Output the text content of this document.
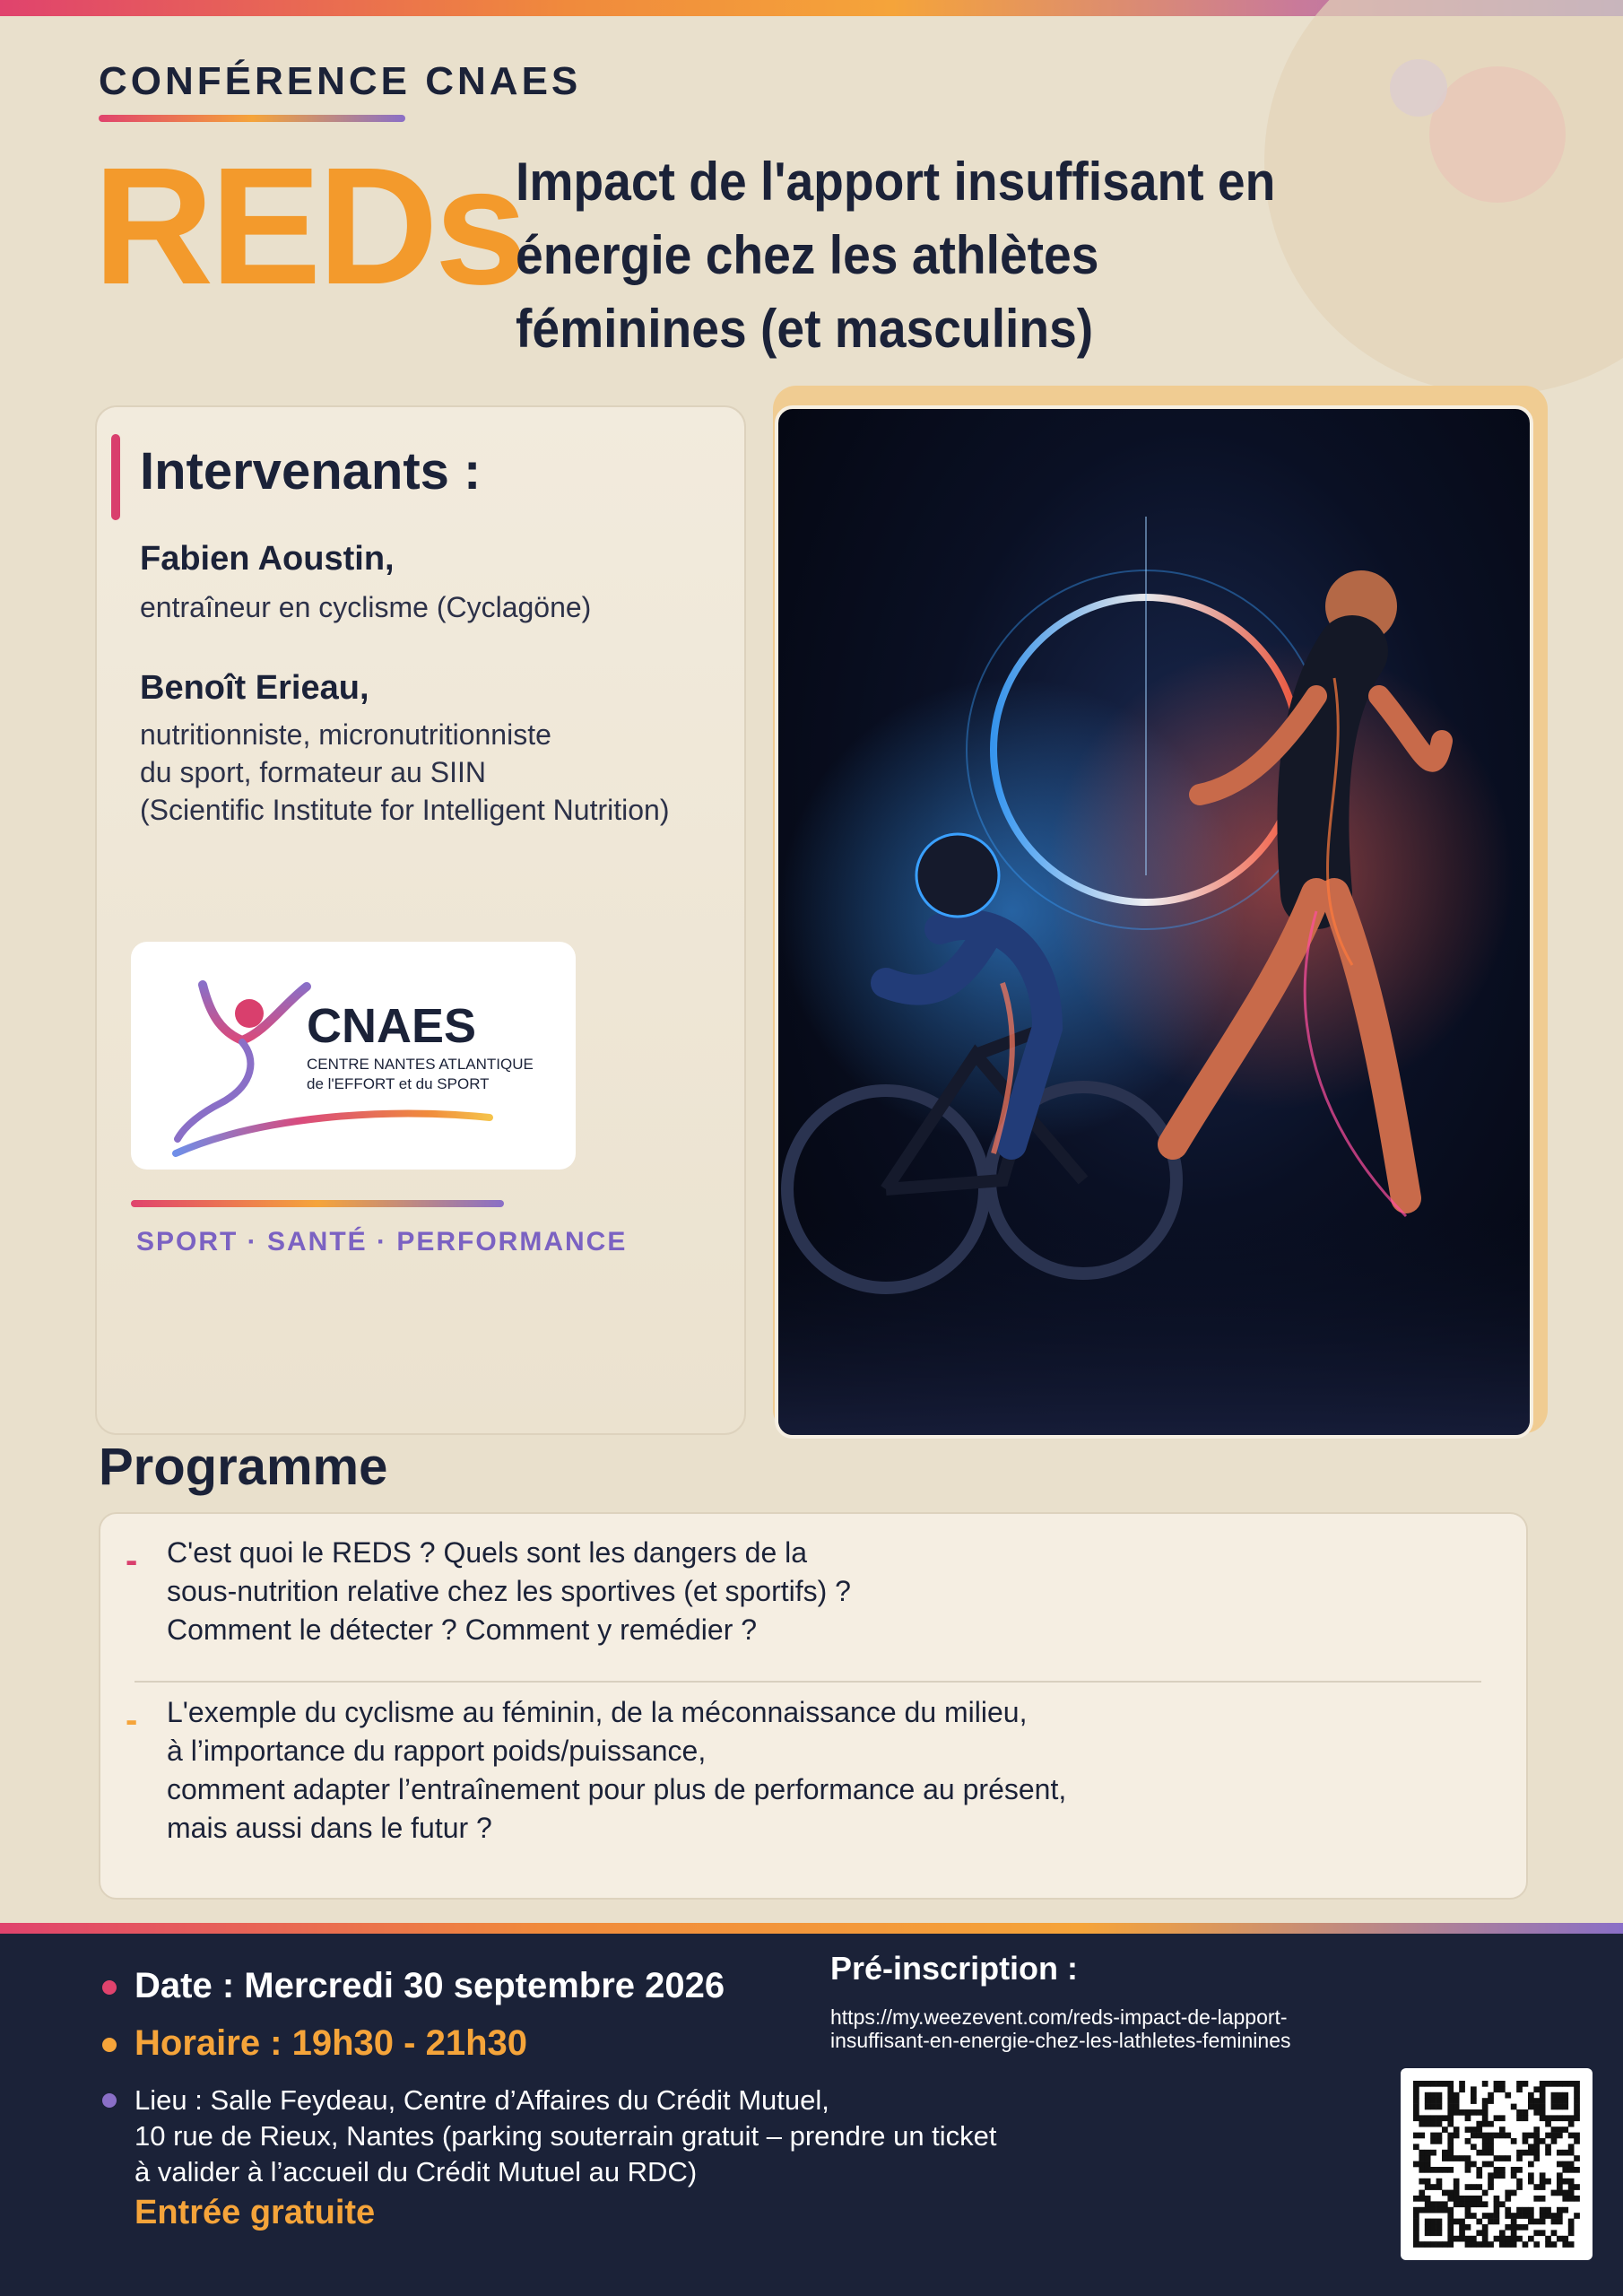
CONFÉRENCE CNAES
REDs
Impact de l'apport insuffisant en énergie chez les athlètes féminines (et masculins)
Intervenants :
Fabien Aoustin,
entraîneur en cyclisme (Cyclagöne)
Benoît Erieau,
nutritionniste, micronutritionniste
du sport, formateur au SIIN
(Scientific Institute for Intelligent Nutrition)
CNAES
CENTRE NANTES ATLANTIQUE
de l'EFFORT et du SPORT
SPORT · SANTÉ · PERFORMANCE
Programme
- C'est quoi le REDS ? Quels sont les dangers de la
sous-nutrition relative chez les sportives (et sportifs) ?
Comment le détecter ? Comment y remédier ?
- L'exemple du cyclisme au féminin, de la méconnaissance du milieu,
à l’importance du rapport poids/puissance,
comment adapter l’entraînement pour plus de performance au présent,
mais aussi dans le futur ?
Date : Mercredi 30 septembre 2026
Horaire : 19h30 - 21h30
Lieu : Salle Feydeau, Centre d’Affaires du Crédit Mutuel,
10 rue de Rieux, Nantes (parking souterrain gratuit – prendre un ticket
à valider à l’accueil du Crédit Mutuel au RDC)
Entrée gratuite
Pré-inscription :
https://my.weezevent.com/reds-impact-de-lapport-
insuffisant-en-energie-chez-les-lathletes-feminines
